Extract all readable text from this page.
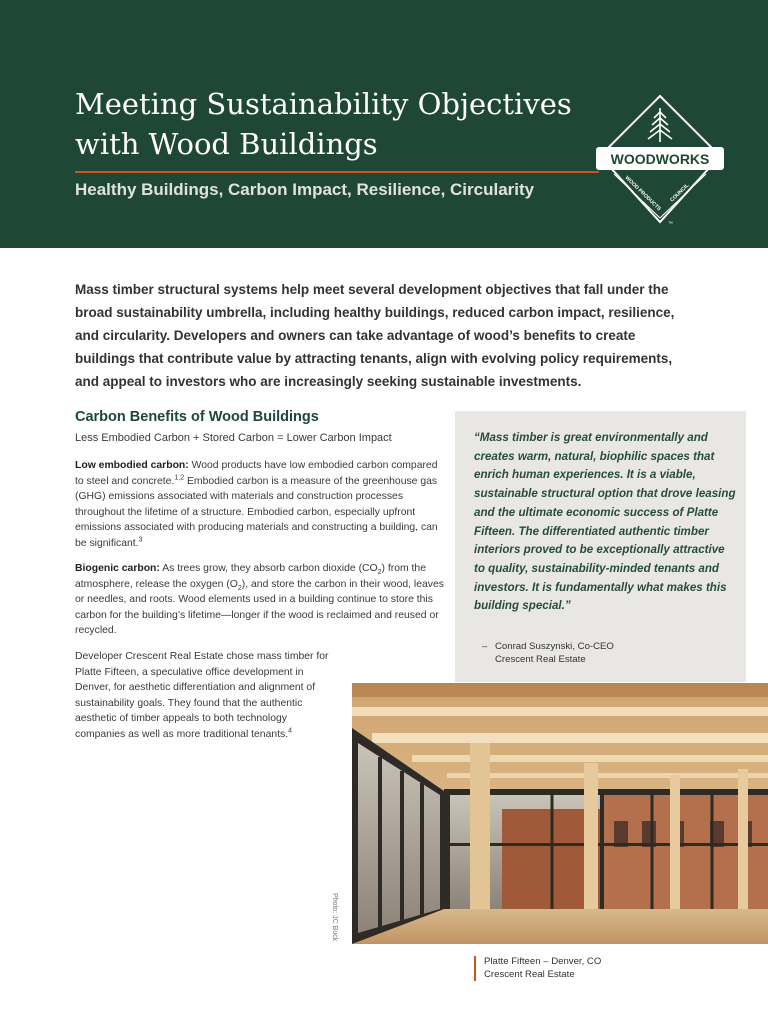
Meeting Sustainability Objectives
with Wood Buildings
Healthy Buildings, Carbon Impact, Resilience, Circularity
WOODWORKS
WOOD PRODUCTS COUNCIL
™

Mass timber structural systems help meet several development objectives that fall under the broad sustainability umbrella, including healthy buildings, reduced carbon impact, resilience, and circularity. Developers and owners can take advantage of wood’s benefits to create buildings that contribute value by attracting tenants, align with evolving policy requirements, and appeal to investors who are increasingly seeking sustainable investments.

Carbon Benefits of Wood Buildings
Less Embodied Carbon + Stored Carbon = Lower Carbon Impact

Low embodied carbon: Wood products have low embodied carbon compared to steel and concrete.$^{1,2}$ Embodied carbon is a measure of the greenhouse gas (GHG) emissions associated with materials and construction processes throughout the lifetime of a structure. Embodied carbon, especially upfront emissions associated with producing materials and constructing a building, can be significant.$^3$

Biogenic carbon: As trees grow, they absorb carbon dioxide $(CO_2)$ from the atmosphere, release the oxygen $(O_2)$, and store the carbon in their wood, leaves or needles, and roots. Wood elements used in a building continue to store this carbon for the building’s lifetime—longer if the wood is reclaimed and reused or recycled.

Developer Crescent Real Estate chose mass timber for Platte Fifteen, a speculative office development in Denver, for aesthetic differentiation and alignment of sustainability goals. They found that the authentic aesthetic of timber appeals to both technology companies as well as more traditional tenants.$^4$

“Mass timber is great environmentally and creates warm, natural, biophilic spaces that enrich human experiences. It is a viable, sustainable structural option that drove leasing and the ultimate economic success of Platte Fifteen. The differentiated authentic timber interiors proved to be exceptionally attractive to quality, sustainability-minded tenants and investors. It is fundamentally what makes this building special.”

– Conrad Suszynski, Co-CEO
Crescent Real Estate
Photo: JC Buck
Platte Fifteen – Denver, CO
Crescent Real Estate
